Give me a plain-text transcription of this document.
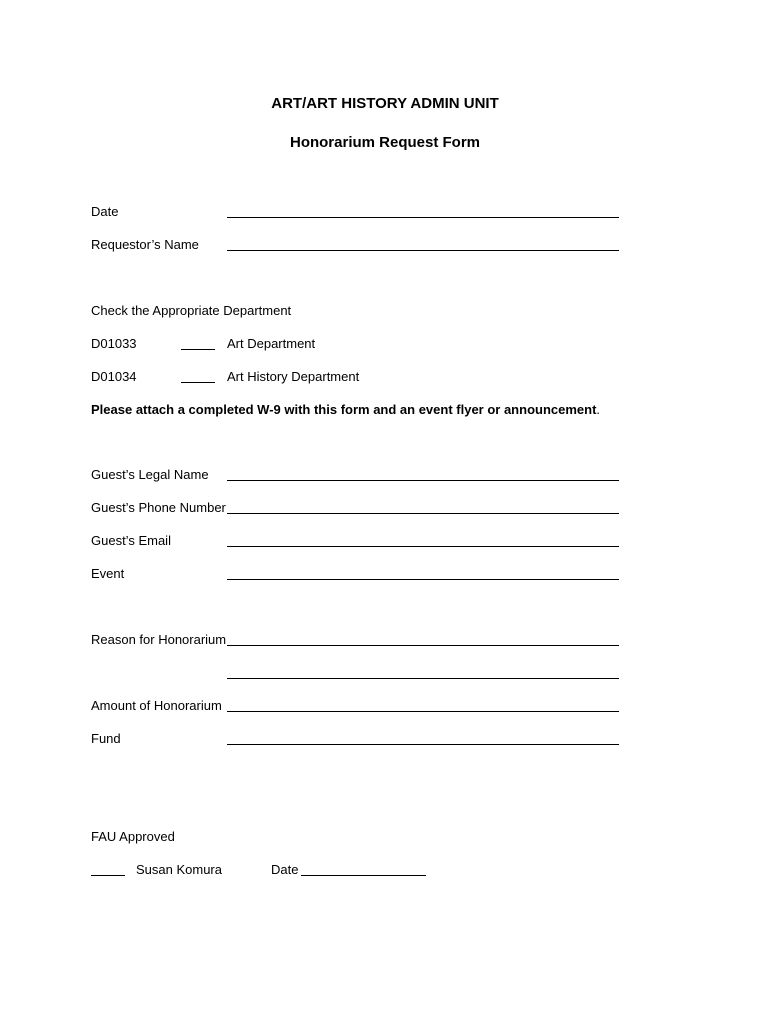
ART/ART HISTORY ADMIN UNIT
Honorarium Request Form
Date
Requestor’s Name
Check the Appropriate Department
D01033	Art Department
D01034	Art History Department
Please attach a completed W-9 with this form and an event flyer or announcement.
Guest’s Legal Name
Guest’s Phone Number
Guest’s Email
Event
Reason for Honorarium
Amount of Honorarium
Fund
FAU Approved
Susan Komura	Date
